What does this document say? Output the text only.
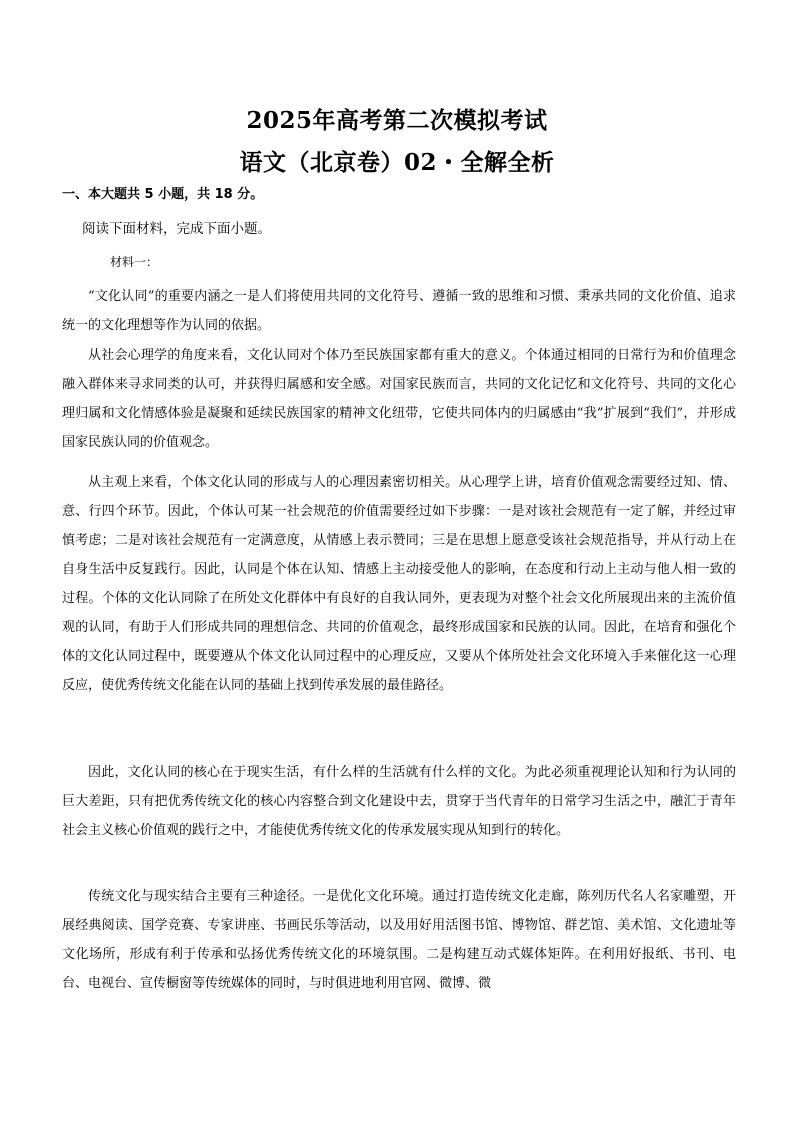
2025年高考第二次模拟考试
语文（北京卷）02・全解全析
一、本大题共 5 小题，共 18 分。
阅读下面材料，完成下面小题。
材料一：

“文化认同”的重要内涵之一是人们将使用共同的文化符号、遵循一致的思维和习惯、秉承共同的文化价值、追求统一的文化理想等作为认同的依据。

从社会心理学的角度来看，文化认同对个体乃至民族国家都有重大的意义。个体通过相同的日常行为和价值理念融入群体来寻求同类的认可，并获得归属感和安全感。对国家民族而言，共同的文化记忆和文化符号、共同的文化心理归属和文化情感体验是凝聚和延续民族国家的精神文化纽带，它使共同体内的归属感由“我”扩展到“我们”，并形成国家民族认同的价值观念。

从主观上来看，个体文化认同的形成与人的心理因素密切相关。从心理学上讲，培育价值观念需要经过知、情、意、行四个环节。因此，个体认可某一社会规范的价值需要经过如下步骤：一是对该社会规范有一定了解，并经过审慎考虑；二是对该社会规范有一定满意度，从情感上表示赞同；三是在思想上愿意受该社会规范指导，并从行动上在自身生活中反复践行。因此，认同是个体在认知、情感上主动接受他人的影响，在态度和行动上主动与他人相一致的过程。个体的文化认同除了在所处文化群体中有良好的自我认同外，更表现为对整个社会文化所展现出来的主流价值观的认同，有助于人们形成共同的理想信念、共同的价值观念，最终形成国家和民族的认同。因此，在培育和强化个体的文化认同过程中，既要遵从个体文化认同过程中的心理反应，又要从个体所处社会文化环境入手来催化这一心理反应，使优秀传统文化能在认同的基础上找到传承发展的最佳路径。

因此，文化认同的核心在于现实生活，有什么样的生活就有什么样的文化。为此必须重视理论认知和行为认同的巨大差距，只有把优秀传统文化的核心内容整合到文化建设中去，贯穿于当代青年的日常学习生活之中，融汇于青年社会主义核心价值观的践行之中，才能使优秀传统文化的传承发展实现从知到行的转化。

传统文化与现实结合主要有三种途径。一是优化文化环境。通过打造传统文化走廊，陈列历代名人名家雕塑，开展经典阅读、国学竞赛、专家讲座、书画民乐等活动，以及用好用活图书馆、博物馆、群艺馆、美术馆、文化遗址等文化场所，形成有利于传承和弘扬优秀传统文化的环境氛围。二是构建互动式媒体矩阵。在利用好报纸、书刊、电台、电视台、宣传橱窗等传统媒体的同时，与时俱进地利用官网、微博、微
